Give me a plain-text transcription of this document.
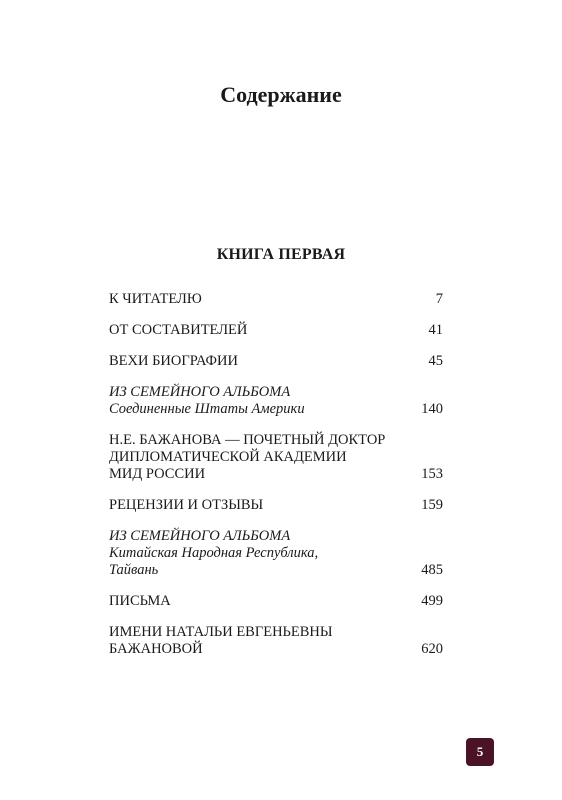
Содержание
КНИГА ПЕРВАЯ
К ЧИТАТЕЛЮ	7
ОТ СОСТАВИТЕЛЕЙ	41
ВЕХИ БИОГРАФИИ	45
ИЗ СЕМЕЙНОГО АЛЬБОМА
Соединенные Штаты Америки	140
Н.Е. БАЖАНОВА — ПОЧЕТНЫЙ ДОКТОР
ДИПЛОМАТИЧЕСКОЙ АКАДЕМИИ
МИД РОССИИ	153
РЕЦЕНЗИИ И ОТЗЫВЫ	159
ИЗ СЕМЕЙНОГО АЛЬБОМА
Китайская Народная Республика,
Тайвань	485
ПИСЬМА	499
ИМЕНИ НАТАЛЬИ ЕВГЕНЬЕВНЫ
БАЖАНОВОЙ	620
5
